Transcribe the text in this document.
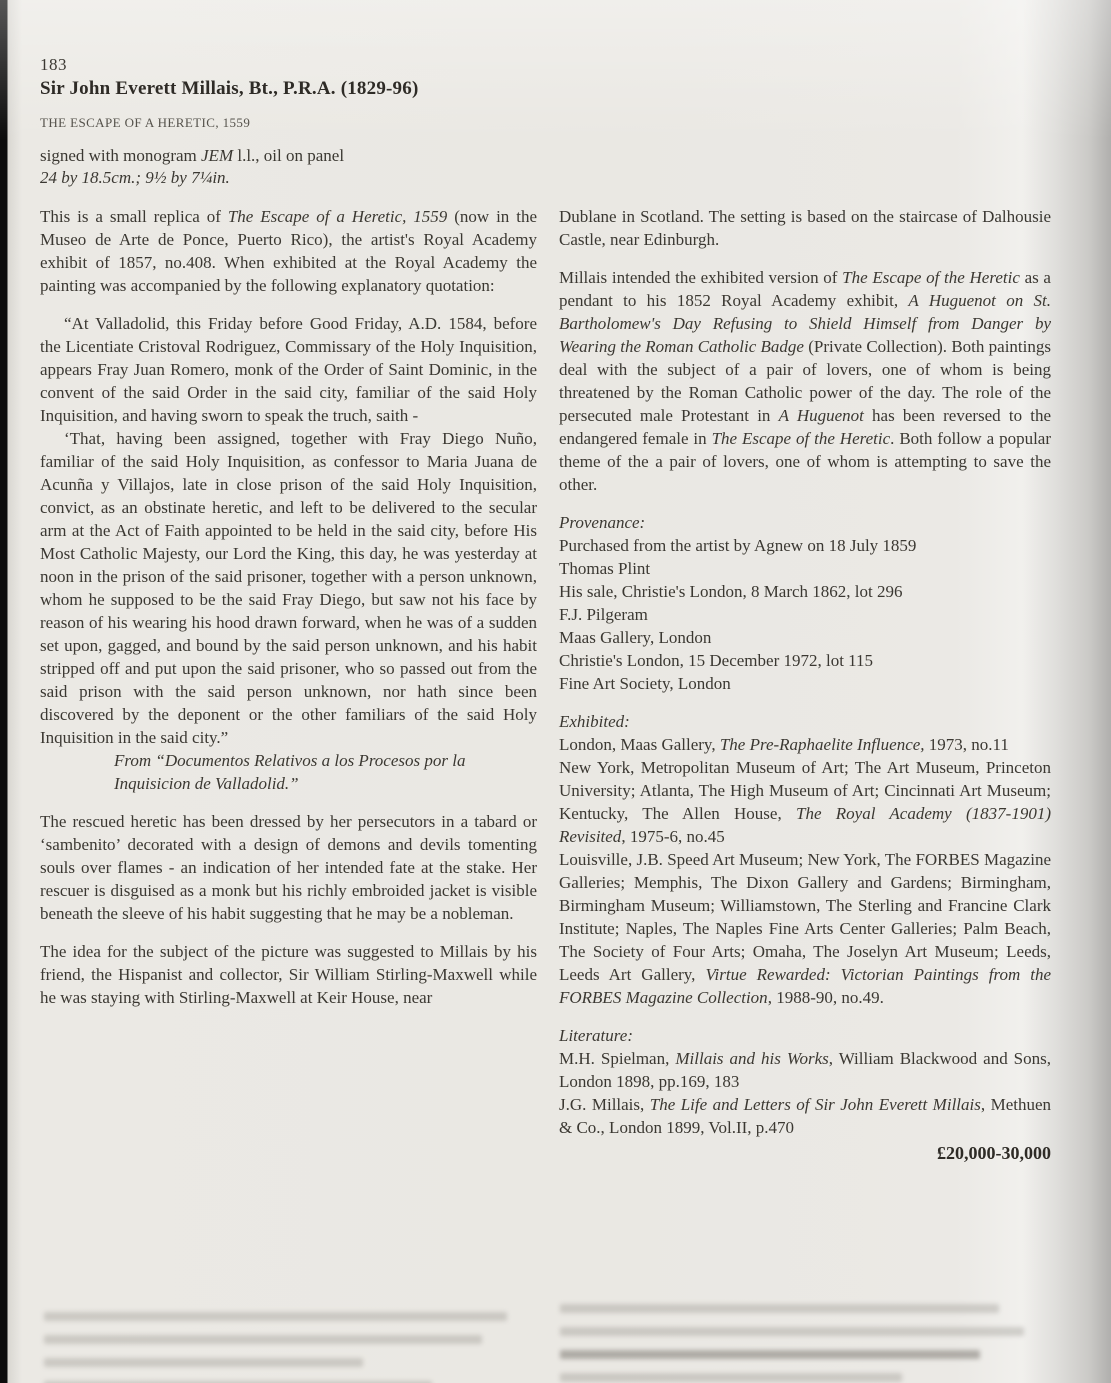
183
Sir John Everett Millais, Bt., P.R.A. (1829-96)
THE ESCAPE OF A HERETIC, 1559
signed with monogram JEM l.l., oil on panel
24 by 18.5cm.; 9½ by 7¼in.

This is a small replica of The Escape of a Heretic, 1559 (now in the Museo de Arte de Ponce, Puerto Rico), the artist's Royal Academy exhibit of 1857, no.408. When exhibited at the Royal Academy the painting was accompanied by the following explanatory quotation:

“At Valladolid, this Friday before Good Friday, A.D. 1584, before the Licentiate Cristoval Rodriguez, Commissary of the Holy Inquisition, appears Fray Juan Romero, monk of the Order of Saint Dominic, in the convent of the said Order in the said city, familiar of the said Holy Inquisition, and having sworn to speak the truch, saith -

‘That, having been assigned, together with Fray Diego Nuño, familiar of the said Holy Inquisition, as confessor to Maria Juana de Acunña y Villajos, late in close prison of the said Holy Inquisition, convict, as an obstinate heretic, and left to be delivered to the secular arm at the Act of Faith appointed to be held in the said city, before His Most Catholic Majesty, our Lord the King, this day, he was yesterday at noon in the prison of the said prisoner, together with a person unknown, whom he supposed to be the said Fray Diego, but saw not his face by reason of his wearing his hood drawn forward, when he was of a sudden set upon, gagged, and bound by the said person unknown, and his habit stripped off and put upon the said prisoner, who so passed out from the said prison with the said person unknown, nor hath since been discovered by the deponent or the other familiars of the said Holy Inquisition in the said city.”

From “Documentos Relativos a los Procesos por la Inquisicion de Valladolid.”

The rescued heretic has been dressed by her persecutors in a tabard or ‘sambenito’ decorated with a design of demons and devils tomenting souls over flames - an indication of her intended fate at the stake. Her rescuer is disguised as a monk but his richly embroided jacket is visible beneath the sleeve of his habit suggesting that he may be a nobleman.

The idea for the subject of the picture was suggested to Millais by his friend, the Hispanist and collector, Sir William Stirling-Maxwell while he was staying with Stirling-Maxwell at Keir House, near

Dublane in Scotland. The setting is based on the staircase of Dalhousie Castle, near Edinburgh.

Millais intended the exhibited version of The Escape of the Heretic as a pendant to his 1852 Royal Academy exhibit, A Huguenot on St. Bartholomew's Day Refusing to Shield Himself from Danger by Wearing the Roman Catholic Badge (Private Collection). Both paintings deal with the subject of a pair of lovers, one of whom is being threatened by the Roman Catholic power of the day. The role of the persecuted male Protestant in A Huguenot has been reversed to the endangered female in The Escape of the Heretic. Both follow a popular theme of the a pair of lovers, one of whom is attempting to save the other.

Provenance:
Purchased from the artist by Agnew on 18 July 1859
Thomas Plint
His sale, Christie's London, 8 March 1862, lot 296
F.J. Pilgeram
Maas Gallery, London
Christie's London, 15 December 1972, lot 115
Fine Art Society, London
Exhibited:
London, Maas Gallery, The Pre-Raphaelite Influence, 1973, no.11
New York, Metropolitan Museum of Art; The Art Museum, Princeton University; Atlanta, The High Museum of Art; Cincinnati Art Museum; Kentucky, The Allen House, The Royal Academy (1837-1901) Revisited, 1975-6, no.45
Louisville, J.B. Speed Art Museum; New York, The FORBES Magazine Galleries; Memphis, The Dixon Gallery and Gardens; Birmingham, Birmingham Museum; Williamstown, The Sterling and Francine Clark Institute; Naples, The Naples Fine Arts Center Galleries; Palm Beach, The Society of Four Arts; Omaha, The Joselyn Art Museum; Leeds, Leeds Art Gallery, Virtue Rewarded: Victorian Paintings from the FORBES Magazine Collection, 1988-90, no.49.
Literature:
M.H. Spielman, Millais and his Works, William Blackwood and Sons, London 1898, pp.169, 183
J.G. Millais, The Life and Letters of Sir John Everett Millais, Methuen & Co., London 1899, Vol.II, p.470
£20,000-30,000
